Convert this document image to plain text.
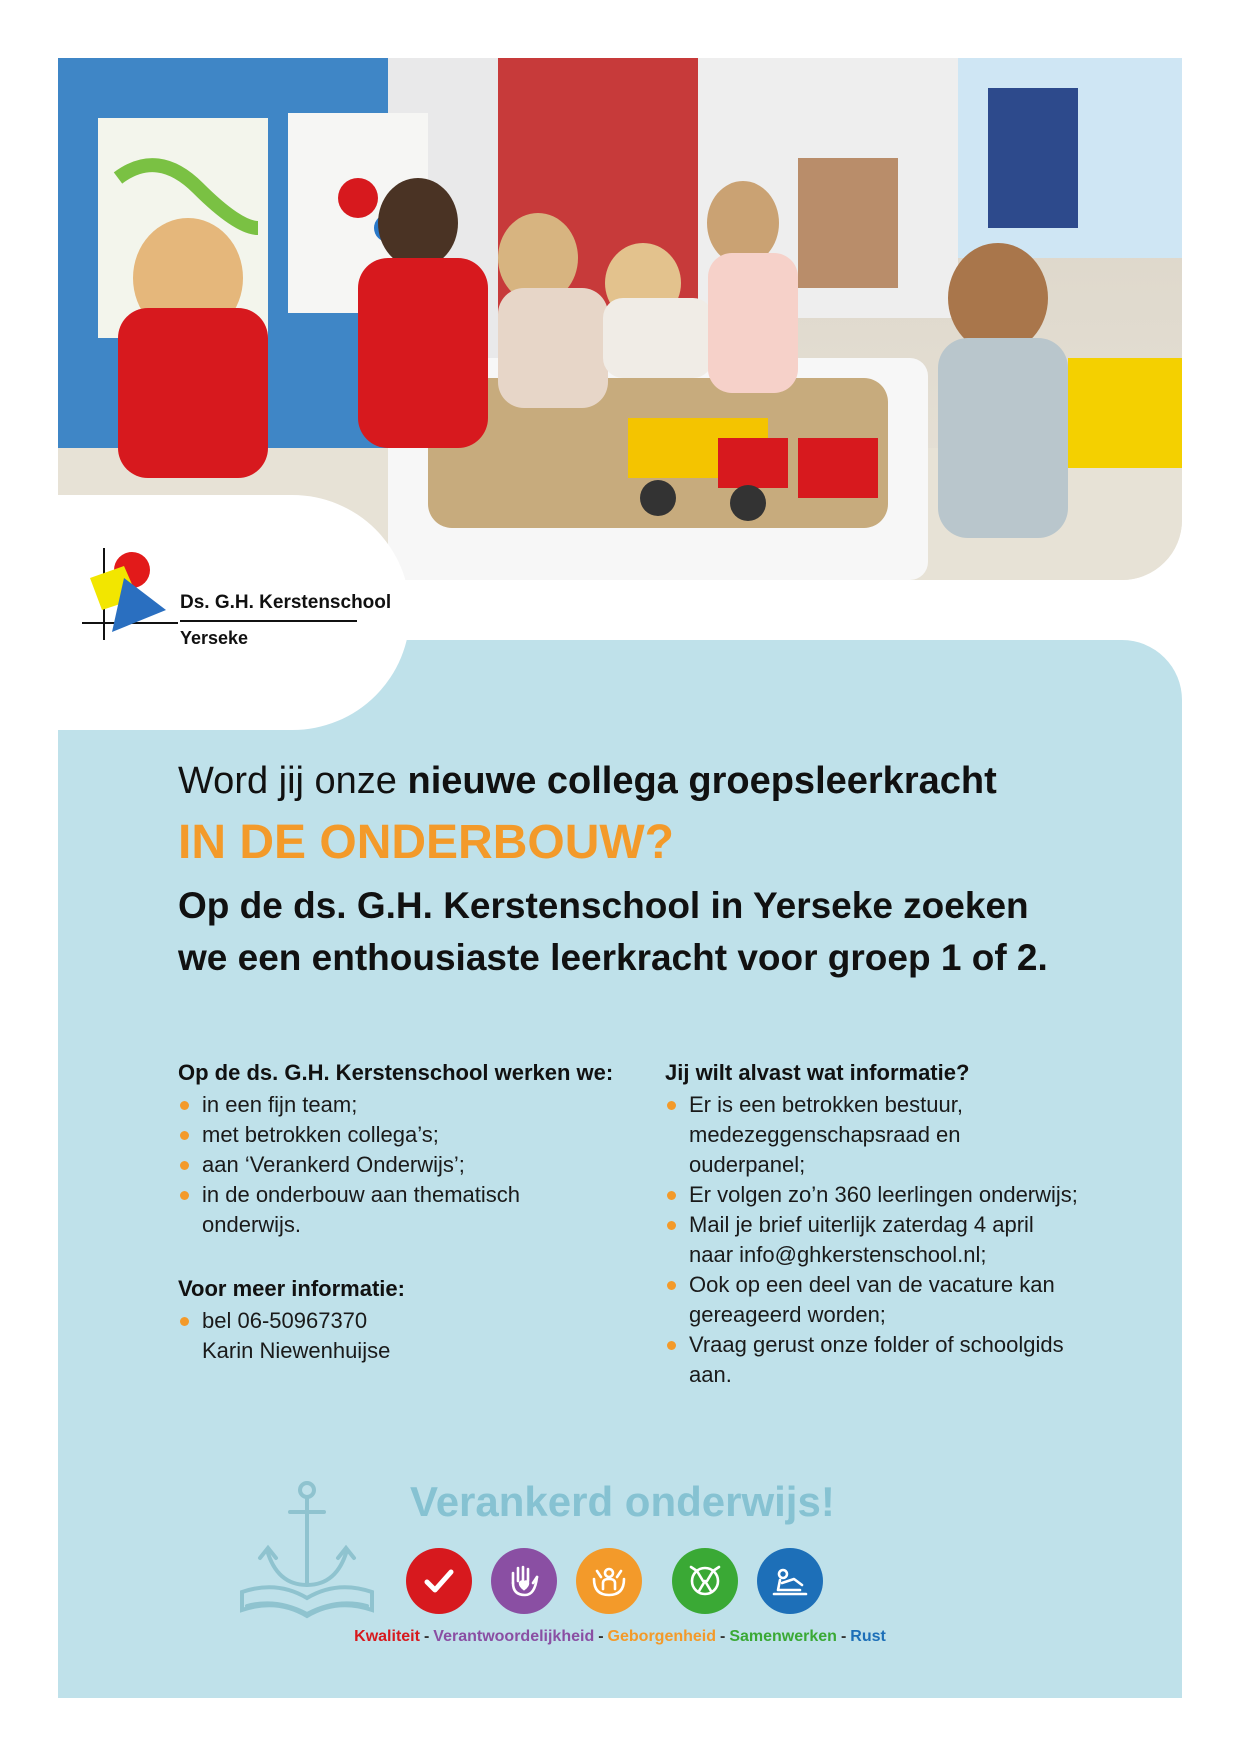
Ds. G.H. Kerstenschool
Yerseke
Word jij onze nieuwe collega groepsleerkracht
IN DE ONDERBOUW?
Op de ds. G.H. Kerstenschool in Yerseke zoeken we een enthousiaste leerkracht voor groep 1 of 2.
Op de ds. G.H. Kerstenschool werken we:
in een fijn team;
met betrokken collega’s;
aan ‘Verankerd Onderwijs’;
in de onderbouw aan thematisch onderwijs.
Voor meer informatie:
bel 06-50967370 Karin Niewenhuijse
Jij wilt alvast wat informatie?
Er is een betrokken bestuur, medezeggenschapsraad en ouderpanel;
Er volgen zo’n 360 leerlingen onderwijs;
Mail je brief uiterlijk zaterdag 4 april naar info@ghkerstenschool.nl;
Ook op een deel van de vacature kan gereageerd worden;
Vraag gerust onze folder of schoolgids aan.
Verankerd onderwijs!
Kwaliteit - Verantwoordelijkheid - Geborgenheid - Samenwerken - Rust
